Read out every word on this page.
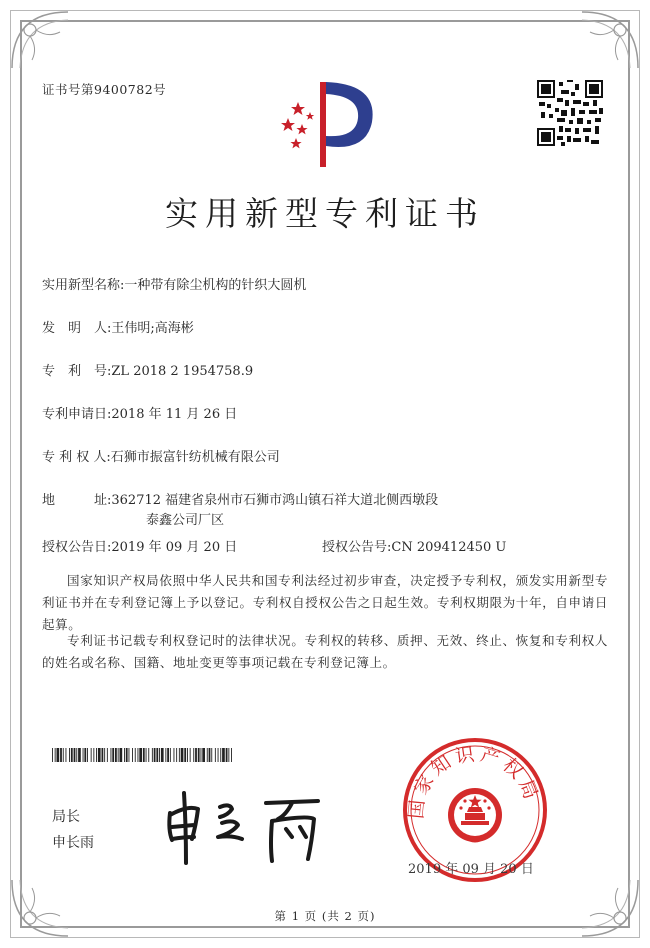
证书号第9400782号
实用新型专利证书
实用新型名称:一种带有除尘机构的针织大圆机
发　明　人:王伟明;高海彬
专　利　号:ZL 2018 2 1954758.9
专利申请日:2018 年 11 月 26 日
专 利 权 人:石狮市振富针纺机械有限公司
地　　　址:362712 福建省泉州市石狮市鸿山镇石祥大道北侧西墩段
泰鑫公司厂区
授权公告日:2019 年 09 月 20 日	授权公告号:CN 209412450 U
国家知识产权局依照中华人民共和国专利法经过初步审查，决定授予专利权，颁发实用新型专利证书并在专利登记簿上予以登记。专利权自授权公告之日起生效。专利权期限为十年，自申请日起算。
专利证书记载专利权登记时的法律状况。专利权的转移、质押、无效、终止、恢复和专利权人的姓名或名称、国籍、地址变更等事项记载在专利登记簿上。
局长
申长雨
国家知识产权局
2019 年 09 月 20 日
第 1 页 (共 2 页)
